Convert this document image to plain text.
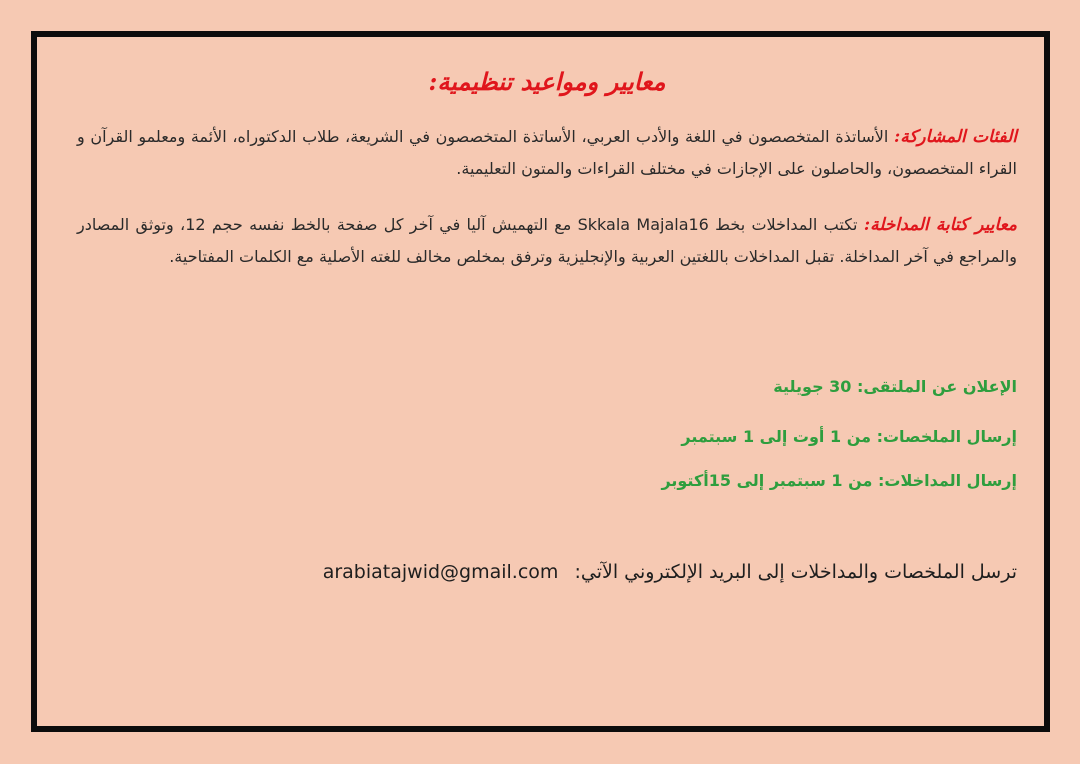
معايير ومواعيد تنظيمية:
الفئات المشاركة: الأساتذة المتخصصون في اللغة والأدب العربي، الأساتذة المتخصصون في الشريعة، طلاب الدكتوراه، الأئمة ومعلمو القرآن و القراء المتخصصون، والحاصلون على الإجازات في مختلف القراءات والمتون التعليمية.
معايير كتابة المداخلة: تكتب المداخلات بخط Skkala Majala16 مع التهميش آليا في آخر كل صفحة بالخط نفسه حجم 12، وتوثق المصادر والمراجع في آخر المداخلة. تقبل المداخلات باللغتين العربية والإنجليزية وترفق بمخلص مخالف للغته الأصلية مع الكلمات المفتاحية.
الإعلان عن الملتقى: 30 جويلية
إرسال الملخصات: من 1 أوت إلى 1 سبتمبر
إرسال المداخلات: من 1 سبتمبر إلى 15أكتوبر
ترسل الملخصات والمداخلات إلى البريد الإلكتروني الآتي: arabiatajwid@gmail.com
